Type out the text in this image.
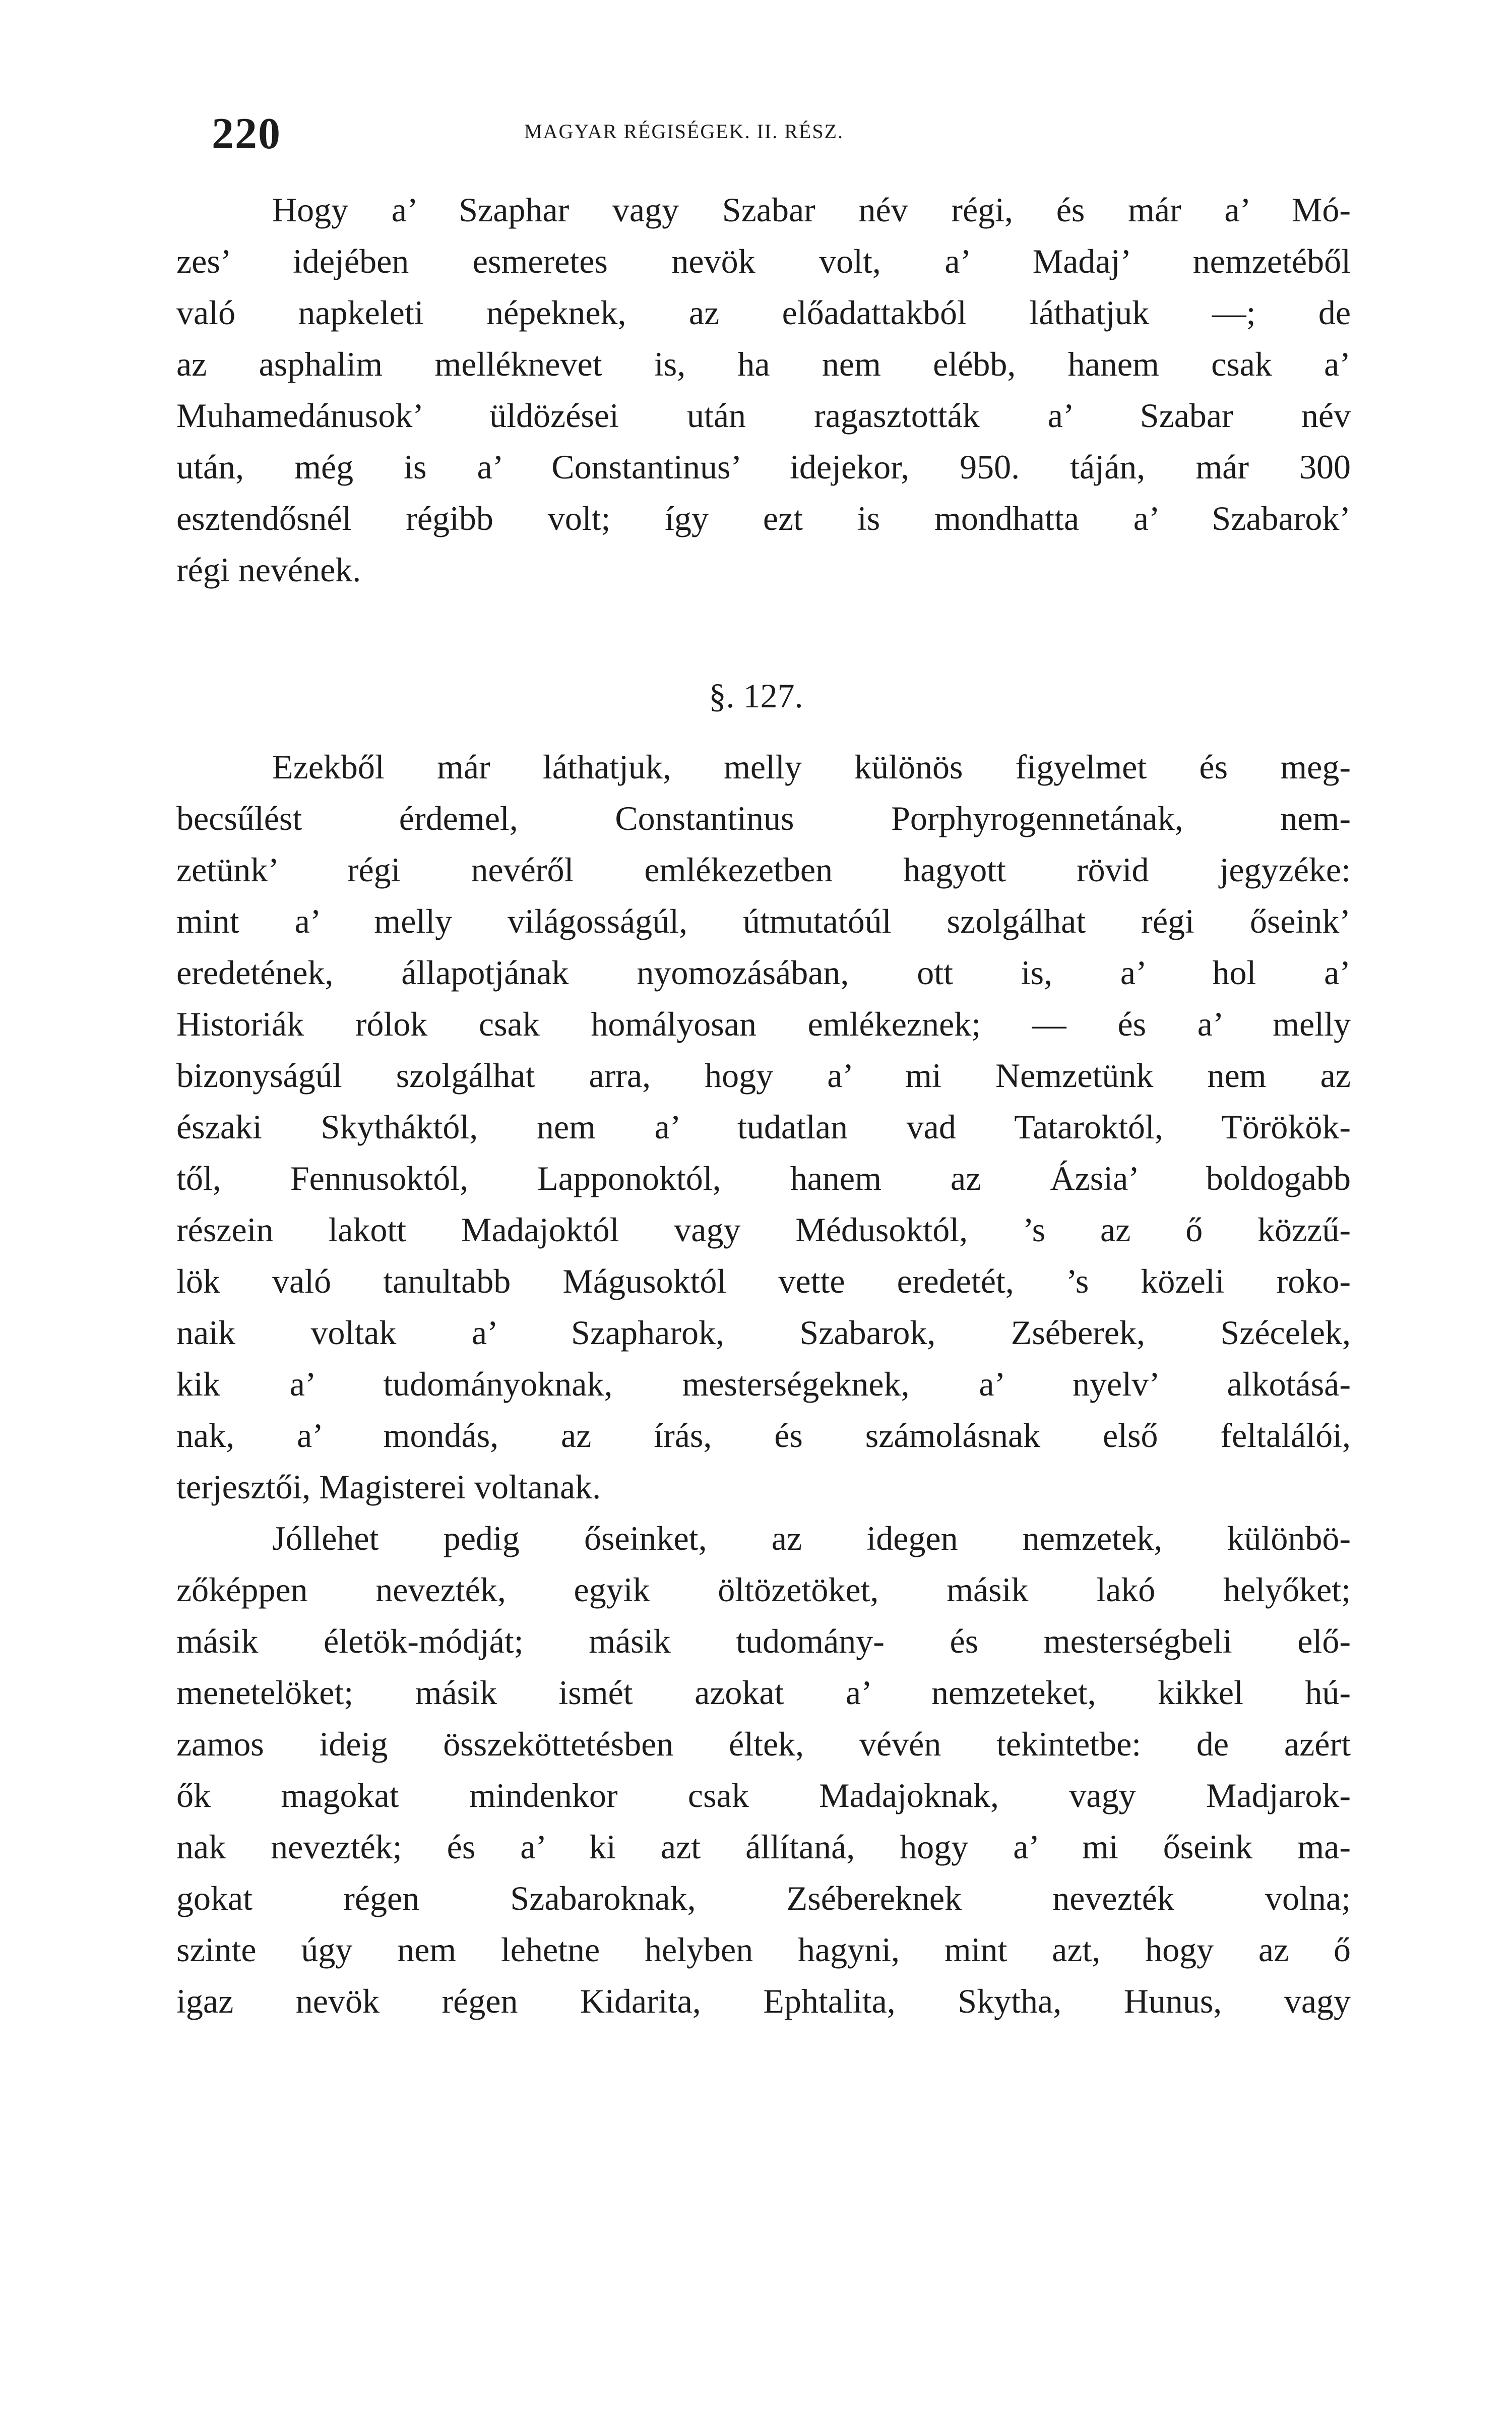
220	MAGYAR RÉGISÉGEK. II. RÉSZ.
Hogy a’ Szaphar vagy Szabar név régi, és már a’ Mó-
zes’ idejében esmeretes nevök volt, a’ Madaj’ nemzetéből
való napkeleti népeknek, az előadattakból láthatjuk —; de
az asphalim melléknevet is, ha nem elébb, hanem csak a’
Muhamedánusok’ üldözései után ragasztották a’ Szabar név
után, még is a’ Constantinus’ idejekor, 950. táján, már 300
esztendősnél régibb volt; így ezt is mondhatta a’ Szabarok’
régi nevének.
Ezekből már láthatjuk, melly különös figyelmet és meg-
becsűlést érdemel, Constantinus Porphyrogennetának, nem-
zetünk’ régi nevéről emlékezetben hagyott rövid jegyzéke:
mint a’ melly világosságúl, útmutatóúl szolgálhat régi őseink’
eredetének, állapotjának nyomozásában, ott is, a’ hol a’
Historiák rólok csak homályosan emlékeznek; — és a’ melly
bizonyságúl szolgálhat arra, hogy a’ mi Nemzetünk nem az
északi Skytháktól, nem a’ tudatlan vad Tataroktól, Törökök-
től, Fennusoktól, Lapponoktól, hanem az Ázsia’ boldogabb
részein lakott Madajoktól vagy Médusoktól, ’s az ő közzű-
lök való tanultabb Mágusoktól vette eredetét, ’s közeli roko-
naik voltak a’ Szapharok, Szabarok, Zséberek, Szécelek,
kik a’ tudományoknak, mesterségeknek, a’ nyelv’ alkotásá-
nak, a’ mondás, az írás, és számolásnak első feltalálói,
terjesztői, Magisterei voltanak.
Jóllehet pedig őseinket, az idegen nemzetek, különbö-
zőképpen nevezték, egyik öltözetöket, másik lakó helyőket;
másik életök-módját; másik tudomány- és mesterségbeli elő-
menetelöket; másik ismét azokat a’ nemzeteket, kikkel hú-
zamos ideig összeköttetésben éltek, vévén tekintetbe: de azért
ők magokat mindenkor csak Madajoknak, vagy Madjarok-
nak nevezték; és a’ ki azt állítaná, hogy a’ mi őseink ma-
gokat régen Szabaroknak, Zsébereknek nevezték volna;
szinte úgy nem lehetne helyben hagyni, mint azt, hogy az ő
igaz nevök régen Kidarita, Ephtalita, Skytha, Hunus, vagy
§. 127.
